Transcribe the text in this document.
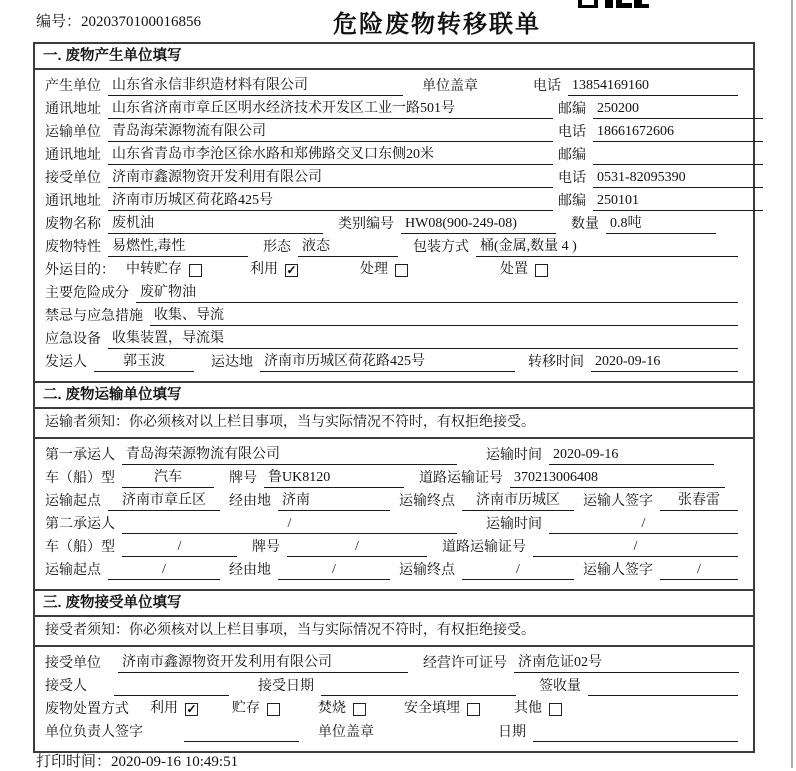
编号：2020370100016856	危险废物转移联单
一. 废物产生单位填写
产生单位 山东省永信非织造材料有限公司	单位盖章	电话 13854169160
通讯地址 山东省济南市章丘区明水经济技术开发区工业一路501号	邮编 250200
运输单位 青岛海荣源物流有限公司	电话 18661672606
通讯地址 山东省青岛市李沧区徐水路和郑佛路交叉口东侧20米	邮编
接受单位 济南市鑫源物资开发利用有限公司	电话 0531-82095390
通讯地址 济南市历城区荷花路425号	邮编 250101
废物名称 废机油	类别编号 HW08(900-249-08)	数量 0.8吨
废物特性 易燃性,毒性	形态 液态	包装方式 桶(金属,数量 4 )
外运目的： 中转贮存	利用 ✓	处理	处置
主要危险成分 废矿物油
禁忌与应急措施 收集、导流
应急设备 收集装置，导流渠
发运人	郭玉波	运达地 济南市历城区荷花路425号	转移时间 2020-09-16
二. 废物运输单位填写
运输者须知：你必须核对以上栏目事项，当与实际情况不符时，有权拒绝接受。
第一承运人 青岛海荣源物流有限公司	运输时间 2020-09-16
车（船）型	汽车	牌号 鲁UK8120	道路运输证号 370213006408
运输起点	济南市章丘区	经由地 济南	运输终点	济南市历城区	运输人签字	张春雷
第二承运人	/	运输时间	/
车（船）型	/	牌号	/	道路运输证号	/
运输起点	/	经由地	/	运输终点	/	运输人签字	/
三. 废物接受单位填写
接受者须知：你必须核对以上栏目事项，当与实际情况不符时，有权拒绝接受。
接受单位 济南市鑫源物资开发利用有限公司	经营许可证号 济南危证02号
接受人	接受日期	签收量
废物处置方式 利用 ✓	贮存	焚烧	安全填埋	其他
单位负责人签字	单位盖章	日期
打印时间：2020-09-16 10:49:51
